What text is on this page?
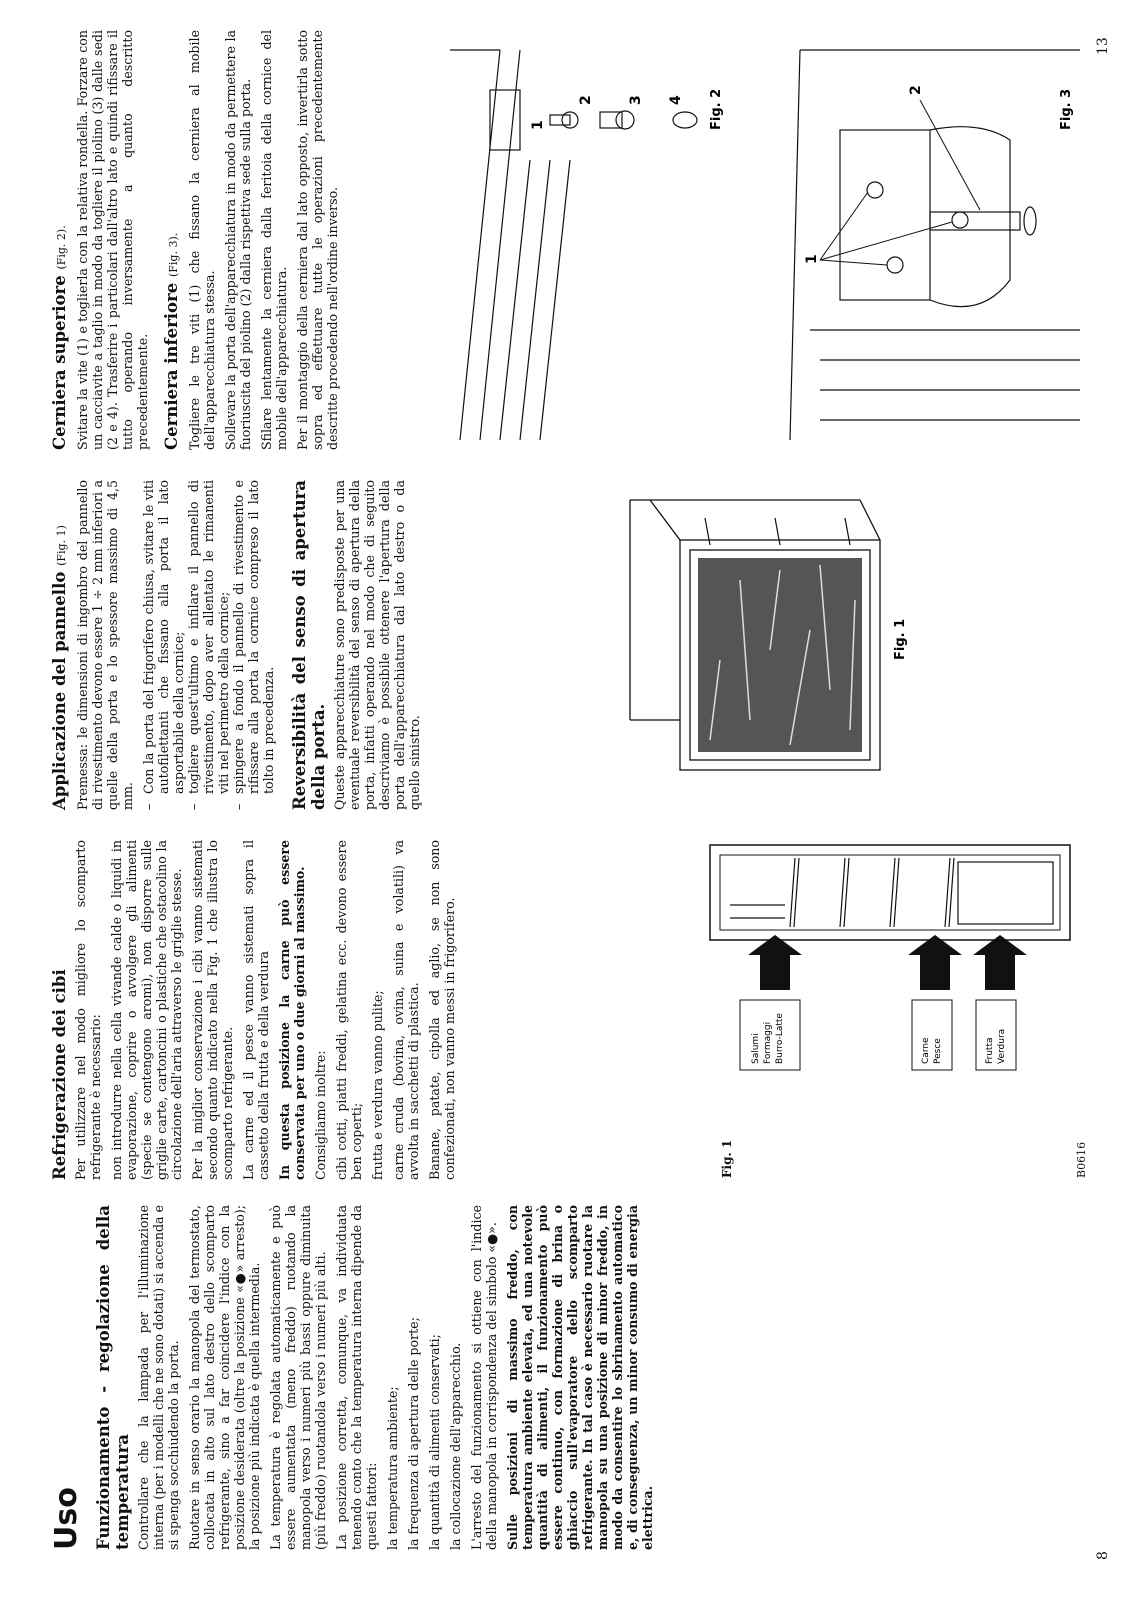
Uso Funzionamento - regolazione della temperatura Controllare che la lampada per l'illuminazione interna (per i modelli che ne sono dotati) si accenda e si spenga socchiudendo la porta. Ruotare in senso orario la manopola del termostato, collocata in alto sul lato destro dello scomparto refrigerante, sino a far coincidere l'indice con la posizione desiderata (oltre la posizione «●» arresto); la posizione più indicata è quella intermedia. La temperatura è regolata automaticamente e può essere aumentata (meno freddo) ruotando la manopola verso i numeri più bassi oppure diminuita (più freddo) ruotandola verso i numeri più alti. La posizione corretta, comunque, va individuata tenendo conto che la temperatura interna dipende da questi fattori: la temperatura ambiente; la frequenza di apertura delle porte; la quantità di alimenti conservati; la collocazione dell'apparecchio. L'arresto del funzionamento si ottiene con l'indice della manopola in corrispondenza del simbolo «●». Sulle posizioni di massimo freddo, con temperatura ambiente elevata, ed una notevole quantità di alimenti, il funzionamento può essere continuo, con formazione di brina o ghiaccio sull'evaporatore dello scomparto refrigerante. In tal caso è necessario ruotare la manopola su una posizione di minor freddo, in modo da consentire lo sbrinamento automatico e, di conseguenza, un minor consumo di energia elettrica.

Refrigerazione dei cibi Per utilizzare nel modo migliore lo scomparto refrigerante è necessario: non introdurre nella cella vivande calde o liquidi in evaporazione, coprire o avvolgere gli alimenti (specie se contengono aromi), non disporre sulle griglie carte, cartoncini o plastiche che ostacolino la circolazione dell'aria attraverso le griglie stesse. Per la miglior conservazione i cibi vanno sistemati secondo quanto indicato nella Fig. 1 che illustra lo scomparto refrigerante. La carne ed il pesce vanno sistemati sopra il cassetto della frutta e della verdura In questa posizione la carne può essere conservata per uno o due giorni al massimo. Consigliamo inoltre: cibi cotti, piatti freddi, gelatina ecc. devono essere ben coperti; frutta e verdura vanno pulite; carne cruda (bovina, ovina, suina e volatili) va avvolta in sacchetti di plastica. Banane, patate, cipolla ed aglio, se non sono confezionati, non vanno messi in frigorifero.	Fig. 1	B0616
Salumi Formaggi Burro-Latte	Carne Pesce	Frutta Verdura
Applicazione del pannello (Fig. 1) Premessa: le dimensioni di ingombro del pannello di rivestimento devono essere 1 ÷ 2 mm inferiori a quelle della porta e lo spessore massimo di 4,5 mm.

– Con la porta del frigorifero chiusa, svitare le viti autofilettanti che fissano alla porta il lato asportabile della cornice; – togliere quest'ultimo e infilare il pannello di rivestimento, dopo aver allentato le rimanenti viti nel perimetro della cornice; – spingere a fondo il pannello di rivestimento e rifissare alla porta la cornice compreso il lato tolto in precedenza. Reversibilità del senso di apertura della porta. Queste apparecchiature sono predisposte per una eventuale reversibilità del senso di apertura della porta, infatti operando nel modo che di seguito descriviamo è possibile ottenere l'apertura della porta dell'apparecchiatura dal lato destro o da quello sinistro.

Fig. 1
Cerniera superiore (Fig. 2). Svitare la vite (1) e toglierla con la relativa rondella. Forzare con un cacciavite a taglio in modo da togliere il piolino (3) dalle sedi (2 e 4). Trasferire i particolari dall'altro lato e quindi rifissare il tutto operando inversamente a quanto descritto precedentemente. Cerniera inferiore (Fig. 3). Togliere le tre viti (1) che fissano la cerniera al mobile dell'apparecchiatura stessa. Sollevare la porta dell'apparecchiatura in modo da permettere la fuoriuscita del piolino (2) dalla rispettiva sede sulla porta. Sfilare lentamente la cerniera dalla feritoia della cornice del mobile dell'apparecchiatura. Per il montaggio della cerniera dal lato opposto, invertirla sotto sopra ed effettuare tutte le operazioni precedentemente descritte procedendo nell'ordine inverso.

1
2 3 4 Fig. 2
1
2	Fig. 3
8
13
